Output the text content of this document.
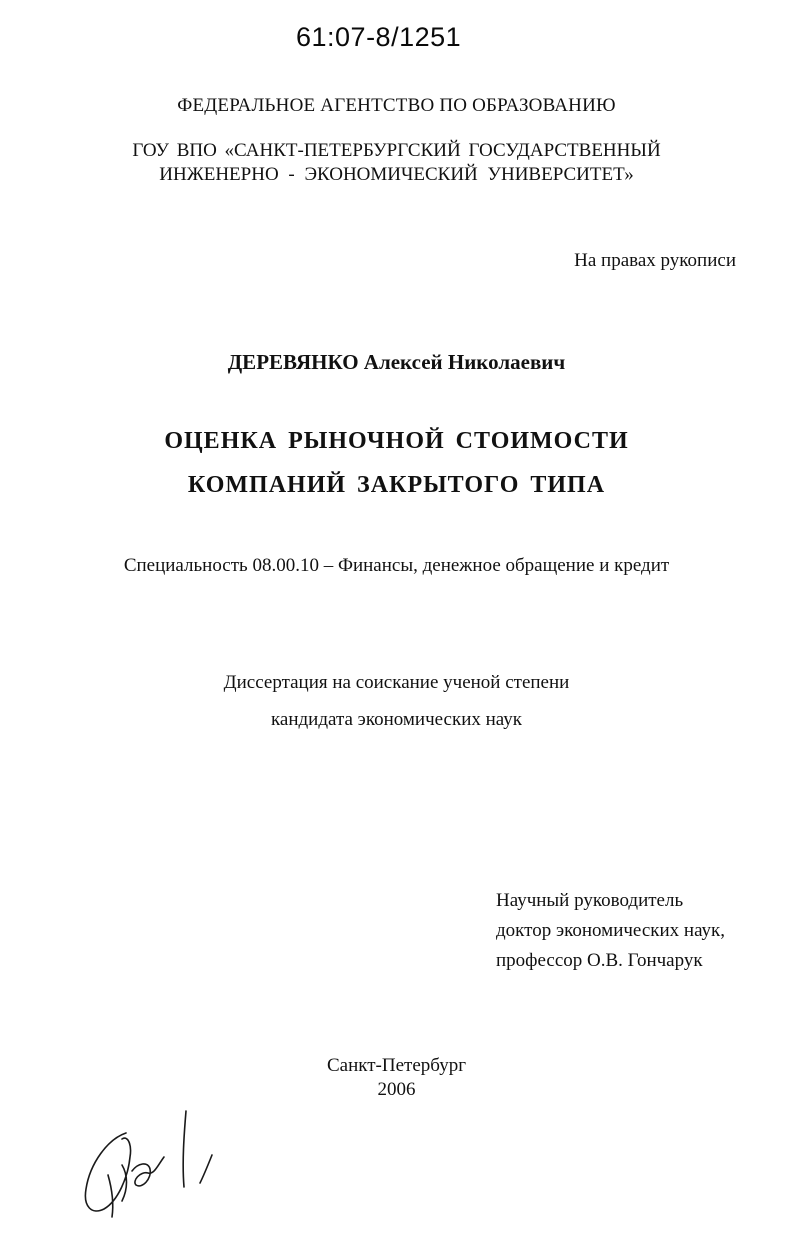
61:07-8/1251
ФЕДЕРАЛЬНОЕ АГЕНТСТВО ПО ОБРАЗОВАНИЮ
ГОУ ВПО «САНКТ-ПЕТЕРБУРГСКИЙ ГОСУДАРСТВЕННЫЙ
ИНЖЕНЕРНО - ЭКОНОМИЧЕСКИЙ УНИВЕРСИТЕТ»
На правах рукописи
ДЕРЕВЯНКО Алексей Николаевич
ОЦЕНКА РЫНОЧНОЙ СТОИМОСТИ
КОМПАНИЙ ЗАКРЫТОГО ТИПА
Специальность 08.00.10 – Финансы, денежное обращение и кредит
Диссертация на соискание ученой степени
кандидата экономических наук
Научный руководитель
доктор экономических наук,
профессор О.В. Гончарук
Санкт-Петербург
2006
